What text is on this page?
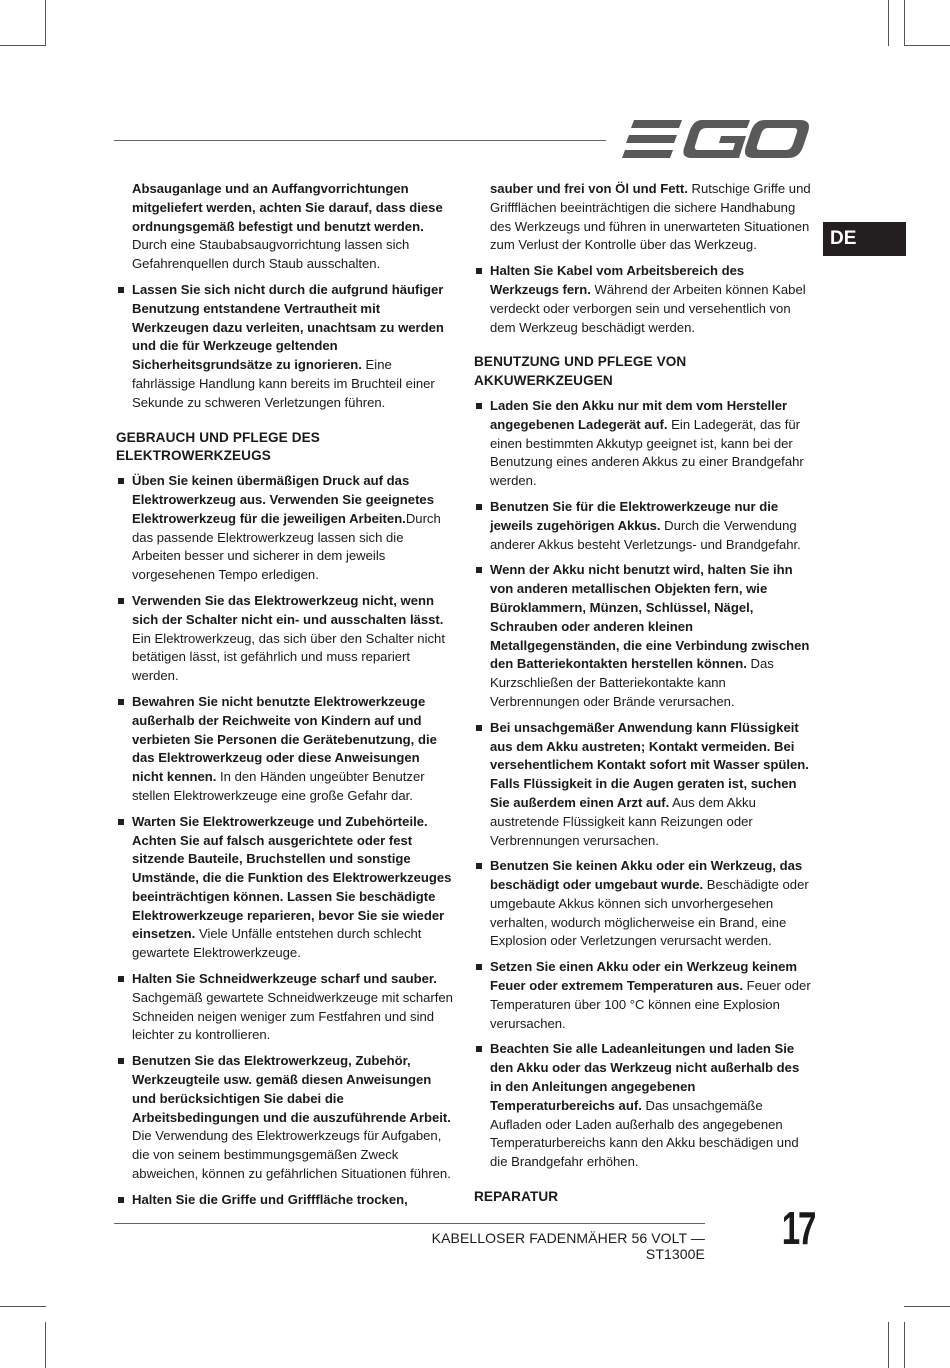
DE
Absauganlage und an Auffangvorrichtungen mitgeliefert werden, achten Sie darauf, dass diese ordnungsgemäß befestigt und benutzt werden. Durch eine Staubabsaugvorrichtung lassen sich Gefahrenquellen durch Staub ausschalten.
Lassen Sie sich nicht durch die aufgrund häufiger Benutzung entstandene Vertrautheit mit Werkzeugen dazu verleiten, unachtsam zu werden und die für Werkzeuge geltenden Sicherheitsgrundsätze zu ignorieren. Eine fahrlässige Handlung kann bereits im Bruchteil einer Sekunde zu schweren Verletzungen führen.
GEBRAUCH UND PFLEGE DES ELEKTROWERKZEUGS
Üben Sie keinen übermäßigen Druck auf das Elektrowerkzeug aus. Verwenden Sie geeignetes Elektrowerkzeug für die jeweiligen Arbeiten.Durch das passende Elektrowerkzeug lassen sich die Arbeiten besser und sicherer in dem jeweils vorgesehenen Tempo erledigen.
Verwenden Sie das Elektrowerkzeug nicht, wenn sich der Schalter nicht ein- und ausschalten lässt. Ein Elektrowerkzeug, das sich über den Schalter nicht betätigen lässt, ist gefährlich und muss repariert werden.
Bewahren Sie nicht benutzte Elektrowerkzeuge außerhalb der Reichweite von Kindern auf und verbieten Sie Personen die Gerätebenutzung, die das Elektrowerkzeug oder diese Anweisungen nicht kennen. In den Händen ungeübter Benutzer stellen Elektrowerkzeuge eine große Gefahr dar.
Warten Sie Elektrowerkzeuge und Zubehörteile. Achten Sie auf falsch ausgerichtete oder fest sitzende Bauteile, Bruchstellen und sonstige Umstände, die die Funktion des Elektrowerkzeuges beeinträchtigen können. Lassen Sie beschädigte Elektrowerkzeuge reparieren, bevor Sie sie wieder einsetzen. Viele Unfälle entstehen durch schlecht gewartete Elektrowerkzeuge.
Halten Sie Schneidwerkzeuge scharf und sauber. Sachgemäß gewartete Schneidwerkzeuge mit scharfen Schneiden neigen weniger zum Festfahren und sind leichter zu kontrollieren.
Benutzen Sie das Elektrowerkzeug, Zubehör, Werkzeugteile usw. gemäß diesen Anweisungen und berücksichtigen Sie dabei die Arbeitsbedingungen und die auszuführende Arbeit. Die Verwendung des Elektrowerkzeugs für Aufgaben, die von seinem bestimmungsgemäßen Zweck abweichen, können zu gefährlichen Situationen führen.
Halten Sie die Griffe und Grifffläche trocken,
sauber und frei von Öl und Fett. Rutschige Griffe und Griffflächen beeinträchtigen die sichere Handhabung des Werkzeugs und führen in unerwarteten Situationen zum Verlust der Kontrolle über das Werkzeug.
Halten Sie Kabel vom Arbeitsbereich des Werkzeugs fern. Während der Arbeiten können Kabel verdeckt oder verborgen sein und versehentlich von dem Werkzeug beschädigt werden.
BENUTZUNG UND PFLEGE VON AKKUWERKZEUGEN
Laden Sie den Akku nur mit dem vom Hersteller angegebenen Ladegerät auf. Ein Ladegerät, das für einen bestimmten Akkutyp geeignet ist, kann bei der Benutzung eines anderen Akkus zu einer Brandgefahr werden.
Benutzen Sie für die Elektrowerkzeuge nur die jeweils zugehörigen Akkus. Durch die Verwendung anderer Akkus besteht Verletzungs- und Brandgefahr.
Wenn der Akku nicht benutzt wird, halten Sie ihn von anderen metallischen Objekten fern, wie Büroklammern, Münzen, Schlüssel, Nägel, Schrauben oder anderen kleinen Metallgegenständen, die eine Verbindung zwischen den Batteriekontakten herstellen können. Das Kurzschließen der Batteriekontakte kann Verbrennungen oder Brände verursachen.
Bei unsachgemäßer Anwendung kann Flüssigkeit aus dem Akku austreten; Kontakt vermeiden. Bei versehentlichem Kontakt sofort mit Wasser spülen. Falls Flüssigkeit in die Augen geraten ist, suchen Sie außerdem einen Arzt auf. Aus dem Akku austretende Flüssigkeit kann Reizungen oder Verbrennungen verursachen.
Benutzen Sie keinen Akku oder ein Werkzeug, das beschädigt oder umgebaut wurde. Beschädigte oder umgebaute Akkus können sich unvorhergesehen verhalten, wodurch möglicherweise ein Brand, eine Explosion oder Verletzungen verursacht werden.
Setzen Sie einen Akku oder ein Werkzeug keinem Feuer oder extremem Temperaturen aus. Feuer oder Temperaturen über 100 °C können eine Explosion verursachen.
Beachten Sie alle Ladeanleitungen und laden Sie den Akku oder das Werkzeug nicht außerhalb des in den Anleitungen angegebenen Temperaturbereichs auf. Das unsachgemäße Aufladen oder Laden außerhalb des angegebenen Temperaturbereichs kann den Akku beschädigen und die Brandgefahr erhöhen.
REPARATUR
KABELLOSER FADENMÄHER 56 VOLT — ST1300E 17
